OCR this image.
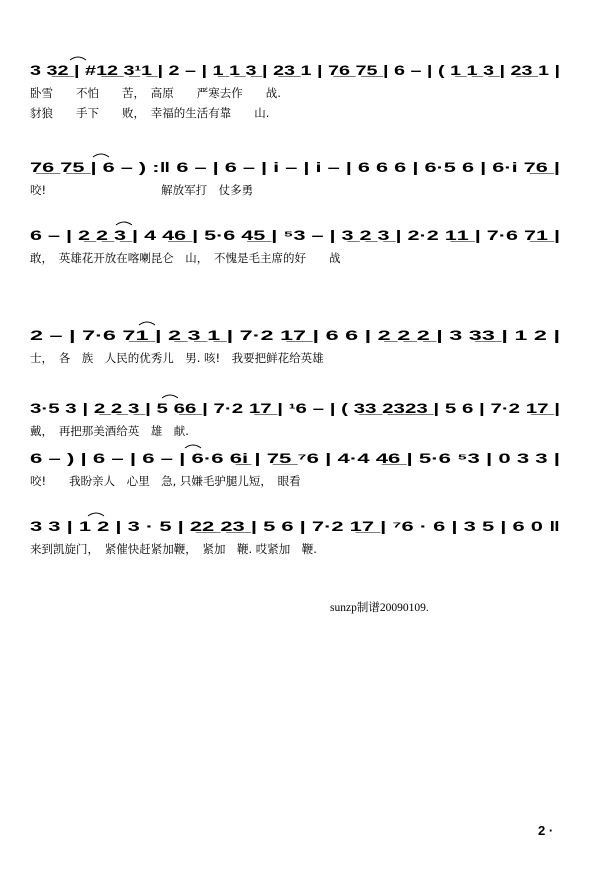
3 3̲2̲ | #1̲2̲ 3̲¹1̲ | 2 – | 1̲ 1̲ 3̲ | 2̲3̲ 1 | 7̲6̲ 7̲5̲ | 6 – | ( 1̲ 1̲ 3̲ | 2̲3̲ 1 |
卧雪　　不怕　　苦，　高原　　严寒去作　　战.
豺狼　　手下　　败，　幸福的生活有靠　　山.
7̲6̲ 7̲5̲ | 6 – ) :‖ 6 – | 6 – | i – | i – | 6 6 6 | 6·5 6 | 6·i 7̲6̲ |
咬!　　　　　　　　　　解放军打　仗多勇
6 – | 2̲ 2̲ 3̲ | 4 4̲6̲ | 5·6 4̲5̲ | ⁵3 – | 3̲ 2̲ 3̲ | 2·2 1̲1̲ | 7·6 7̲1̲ |
敢，　英雄花开放在喀喇昆仑　山，　不愧是毛主席的好　　战
2 – | 7·6 7̲1̲ | 2̲ 3̲ 1̲ | 7·2 1̲7̲ | 6 6 | 2̲ 2̲ 2̲ | 3 3̲3̲ | 1 2 |
士，　各　族　人民的优秀儿　男. 咳!　我要把鲜花给英雄
3·5 3 | 2̲ 2̲ 3̲ | 5 6̲6̲ | 7·2 1̲7̲ | ¹6 – | ( 3̲3̲ 2̲3̲2̲3̲ | 5 6 | 7·2 1̲7̲ |
戴，　再把那美酒给英　雄　献.
6 – ) | 6 – | 6 – | 6·6 6̲i̲ | 7̲5̲ ⁷6 | 4·4 4̲6̲ | 5·6 ⁵3 | 0 3 3 |
咬!　　我盼亲人　心里　急, 只嫌毛驴腿儿短，　眼看
3 3 | 1 2 | 3 · 5 | 2̲2̲ 2̲3̲ | 5 6 | 7·2 1̲7̲ | ⁷6 · 6 | 3 5 | 6 0 ‖
来到凯旋门，　紧催快赶紧加鞭，　紧加　鞭. 哎紧加　鞭.
sunzp制谱20090109.
2 ·
